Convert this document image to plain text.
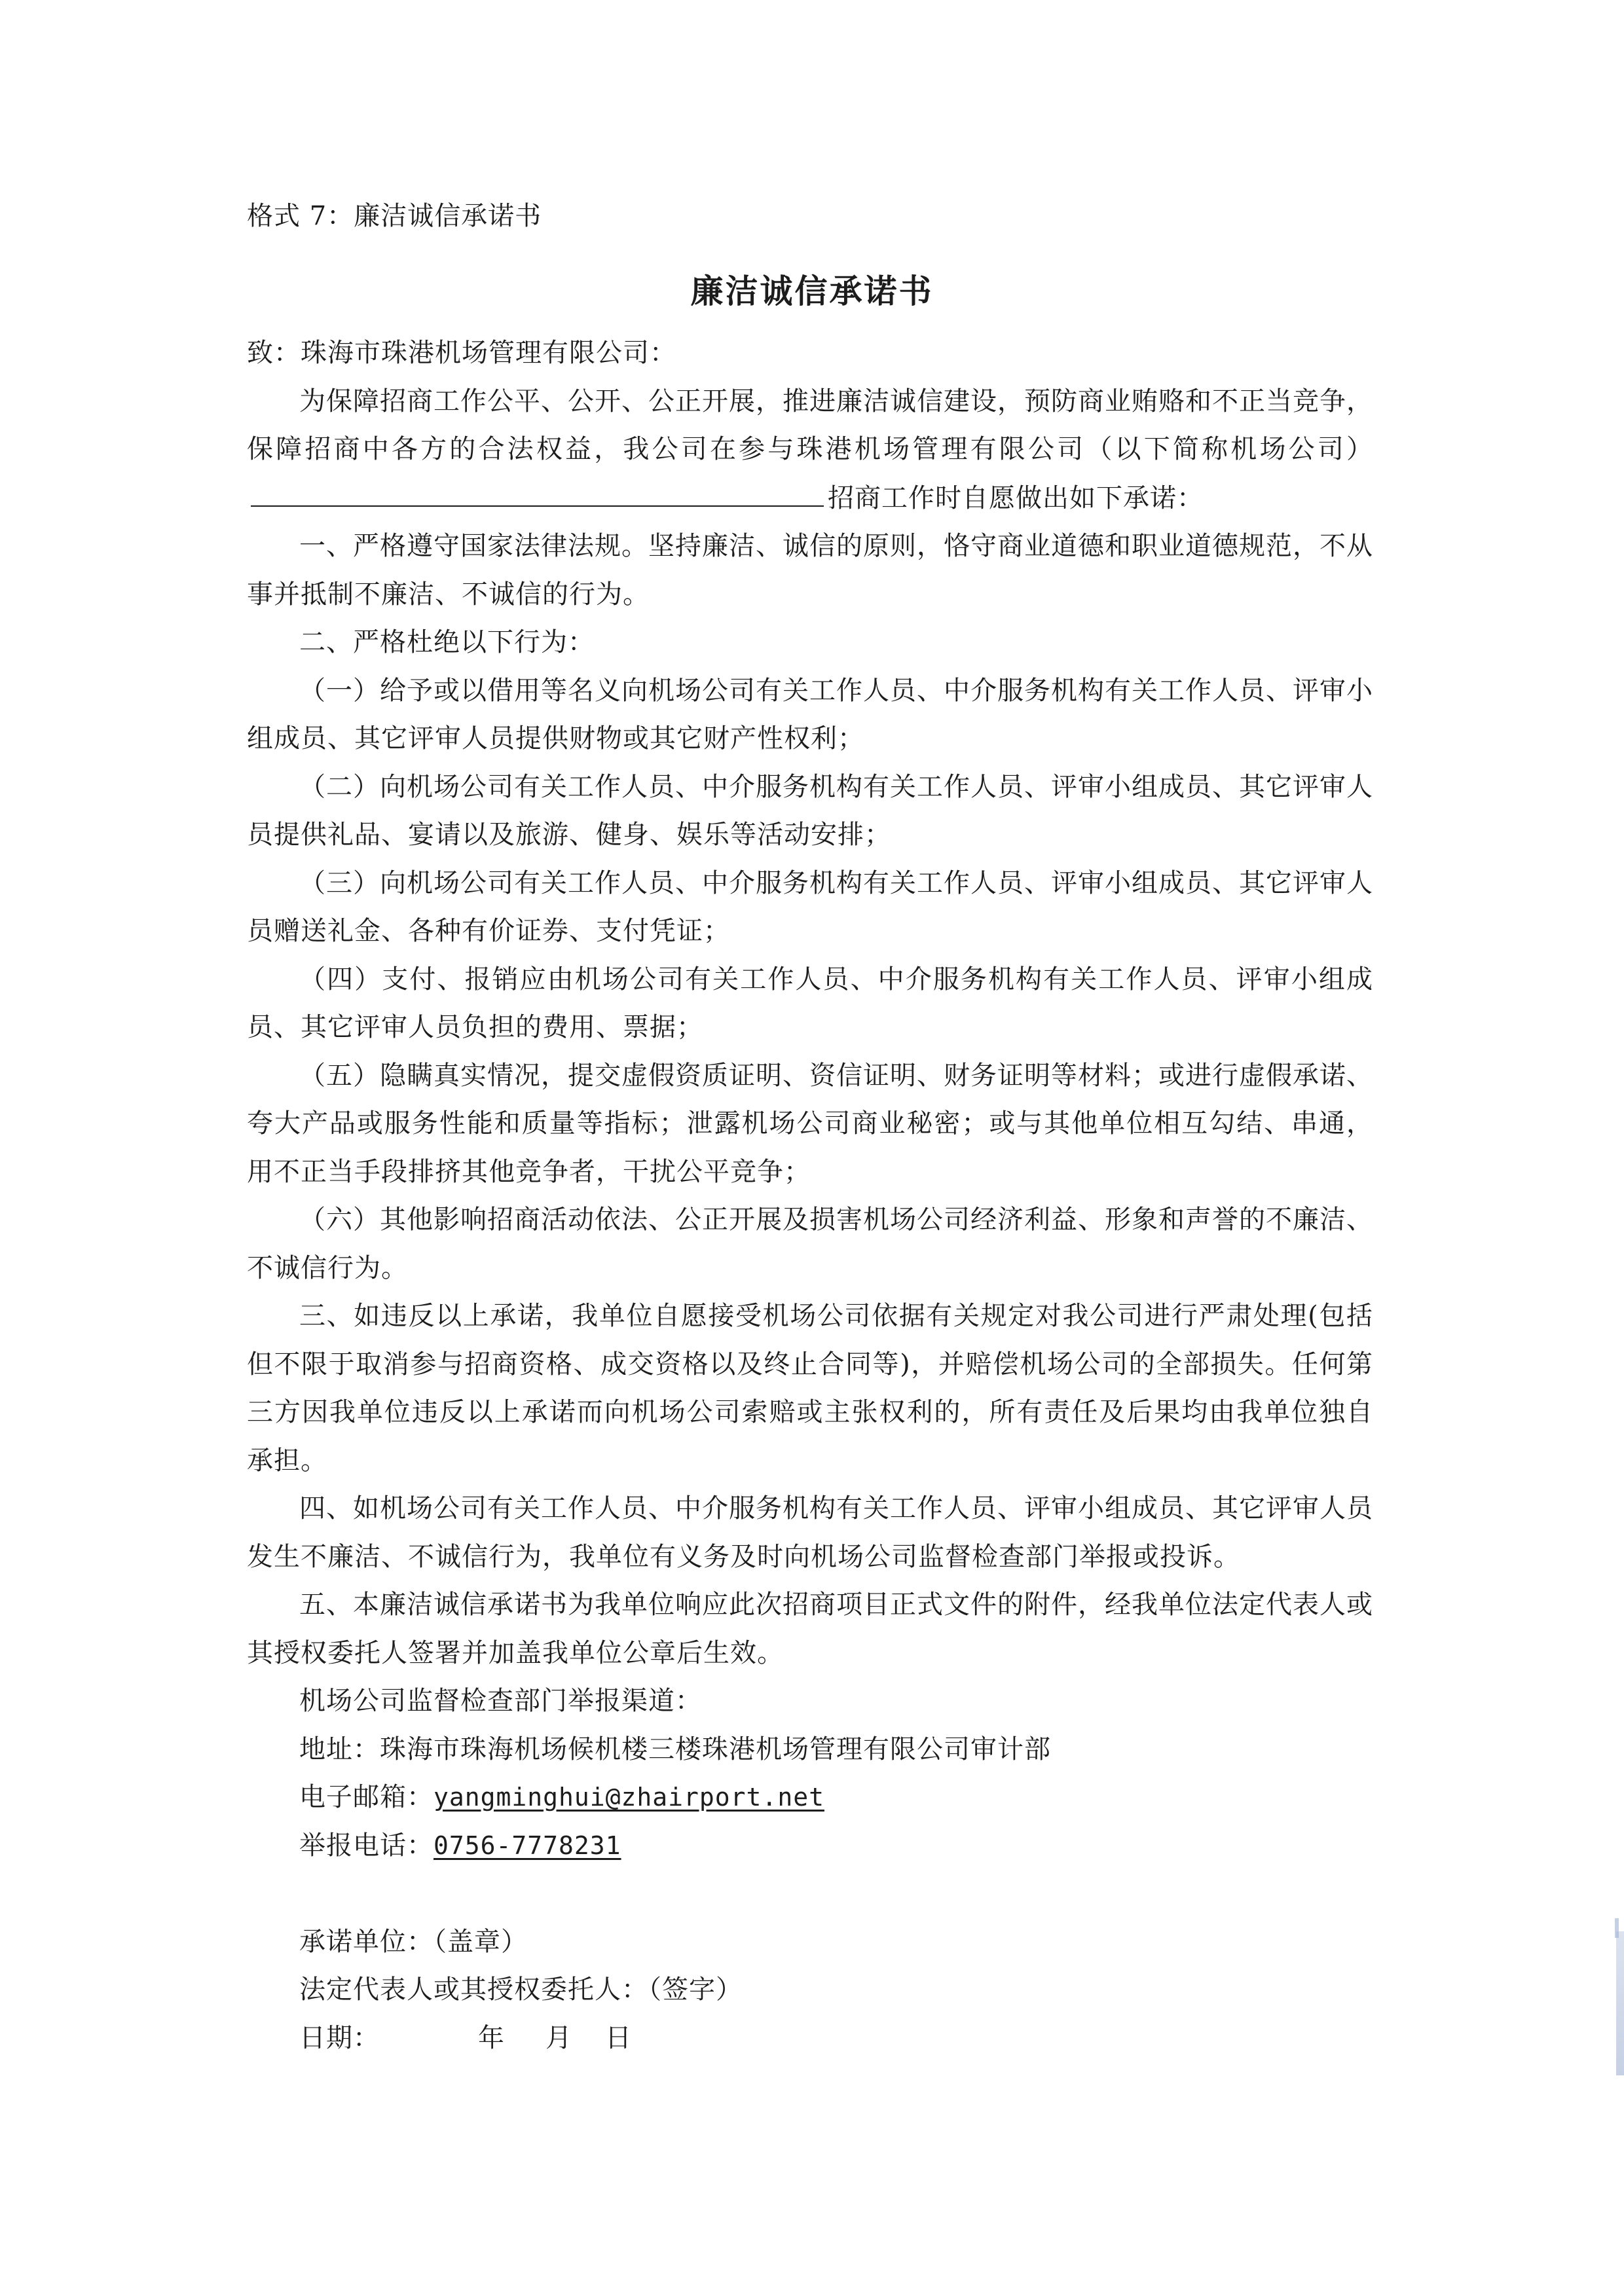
格式 7：廉洁诚信承诺书
廉洁诚信承诺书

致：珠海市珠港机场管理有限公司：

为保障招商工作公平、公开、公正开展，推进廉洁诚信建设，预防商业贿赂和不正当竞争，保障招商中各方的合法权益，我公司在参与珠港机场管理有限公司（以下简称机场公司）招商工作时自愿做出如下承诺：

一、严格遵守国家法律法规。坚持廉洁、诚信的原则，恪守商业道德和职业道德规范，不从事并抵制不廉洁、不诚信的行为。

二、严格杜绝以下行为：

（一）给予或以借用等名义向机场公司有关工作人员、中介服务机构有关工作人员、评审小组成员、其它评审人员提供财物或其它财产性权利；

（二）向机场公司有关工作人员、中介服务机构有关工作人员、评审小组成员、其它评审人员提供礼品、宴请以及旅游、健身、娱乐等活动安排；

（三）向机场公司有关工作人员、中介服务机构有关工作人员、评审小组成员、其它评审人员赠送礼金、各种有价证券、支付凭证；

（四）支付、报销应由机场公司有关工作人员、中介服务机构有关工作人员、评审小组成员、其它评审人员负担的费用、票据；

（五）隐瞒真实情况，提交虚假资质证明、资信证明、财务证明等材料；或进行虚假承诺、夸大产品或服务性能和质量等指标；泄露机场公司商业秘密；或与其他单位相互勾结、串通，用不正当手段排挤其他竞争者，干扰公平竞争；

（六）其他影响招商活动依法、公正开展及损害机场公司经济利益、形象和声誉的不廉洁、不诚信行为。

三、如违反以上承诺，我单位自愿接受机场公司依据有关规定对我公司进行严肃处理(包括但不限于取消参与招商资格、成交资格以及终止合同等)，并赔偿机场公司的全部损失。任何第三方因我单位违反以上承诺而向机场公司索赔或主张权利的，所有责任及后果均由我单位独自承担。

四、如机场公司有关工作人员、中介服务机构有关工作人员、评审小组成员、其它评审人员发生不廉洁、不诚信行为，我单位有义务及时向机场公司监督检查部门举报或投诉。

五、本廉洁诚信承诺书为我单位响应此次招商项目正式文件的附件，经我单位法定代表人或其授权委托人签署并加盖我单位公章后生效。

机场公司监督检查部门举报渠道：

地址：珠海市珠海机场候机楼三楼珠港机场管理有限公司审计部

电子邮箱：yangminghui@zhairport.net

举报电话：0756-7778231

承诺单位：（盖章）

法定代表人或其授权委托人：（签字）

日期：	年 月 日
